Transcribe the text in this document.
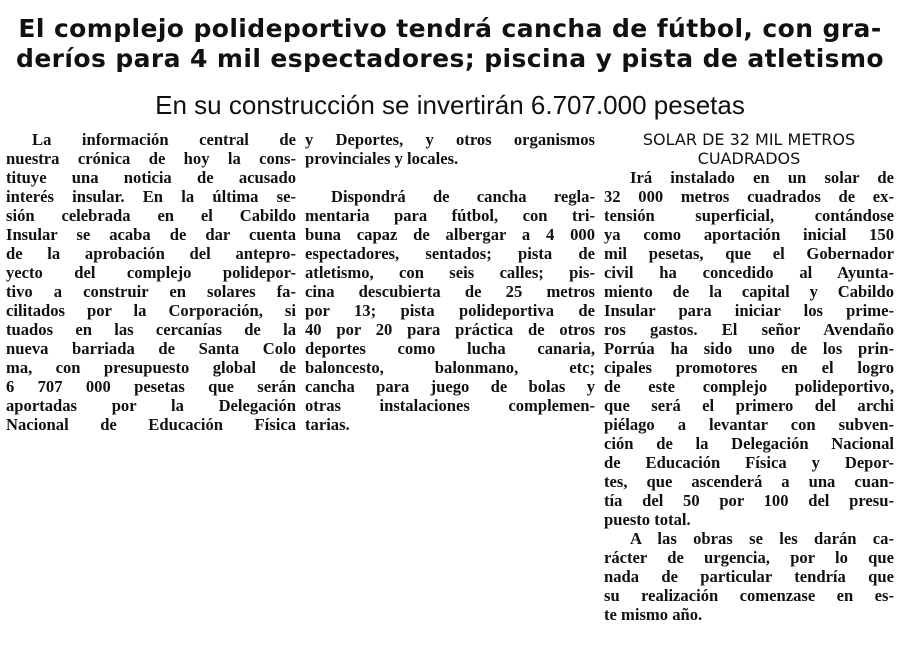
El complejo polideportivo tendrá cancha de fútbol, con gra-
deríos para 4 mil espectadores; piscina y pista de atletismo
En su construcción se invertirán 6.707.000 pesetas
La información central de
nuestra crónica de hoy la cons-
tituye una noticia de acusado
interés insular. En la última se-
sión celebrada en el Cabildo
Insular se acaba de dar cuenta
de la aprobación del antepro-
yecto del complejo polidepor-
tivo a construir en solares fa-
cilitados por la Corporación, si
tuados en las cercanías de la
nueva barriada de Santa Colo
ma, con presupuesto global de
6 707 000 pesetas que serán
aportadas por la Delegación
Nacional de Educación Física
y Deportes, y otros organismos
provinciales y locales.
Dispondrá de cancha regla-
mentaria para fútbol, con tri-
buna capaz de albergar a 4 000
espectadores, sentados; pista de
atletismo, con seis calles; pis-
cina descubierta de 25 metros
por 13; pista polideportiva de
40 por 20 para práctica de otros
deportes como lucha canaria,
baloncesto, balonmano, etc;
cancha para juego de bolas y
otras instalaciones complemen-
tarias.
SOLAR DE 32 MIL METROS
CUADRADOS
Irá instalado en un solar de
32 000 metros cuadrados de ex-
tensión superficial, contándose
ya como aportación inicial 150
mil pesetas, que el Gobernador
civil ha concedido al Ayunta-
miento de la capital y Cabildo
Insular para iniciar los prime-
ros gastos. El señor Avendaño
Porrúa ha sido uno de los prin-
cipales promotores en el logro
de este complejo polideportivo,
que será el primero del archi
piélago a levantar con subven-
ción de la Delegación Nacional
de Educación Física y Depor-
tes, que ascenderá a una cuan-
tía del 50 por 100 del presu-
puesto total.
A las obras se les darán ca-
rácter de urgencia, por lo que
nada de particular tendría que
su realización comenzase en es-
te mismo año.
